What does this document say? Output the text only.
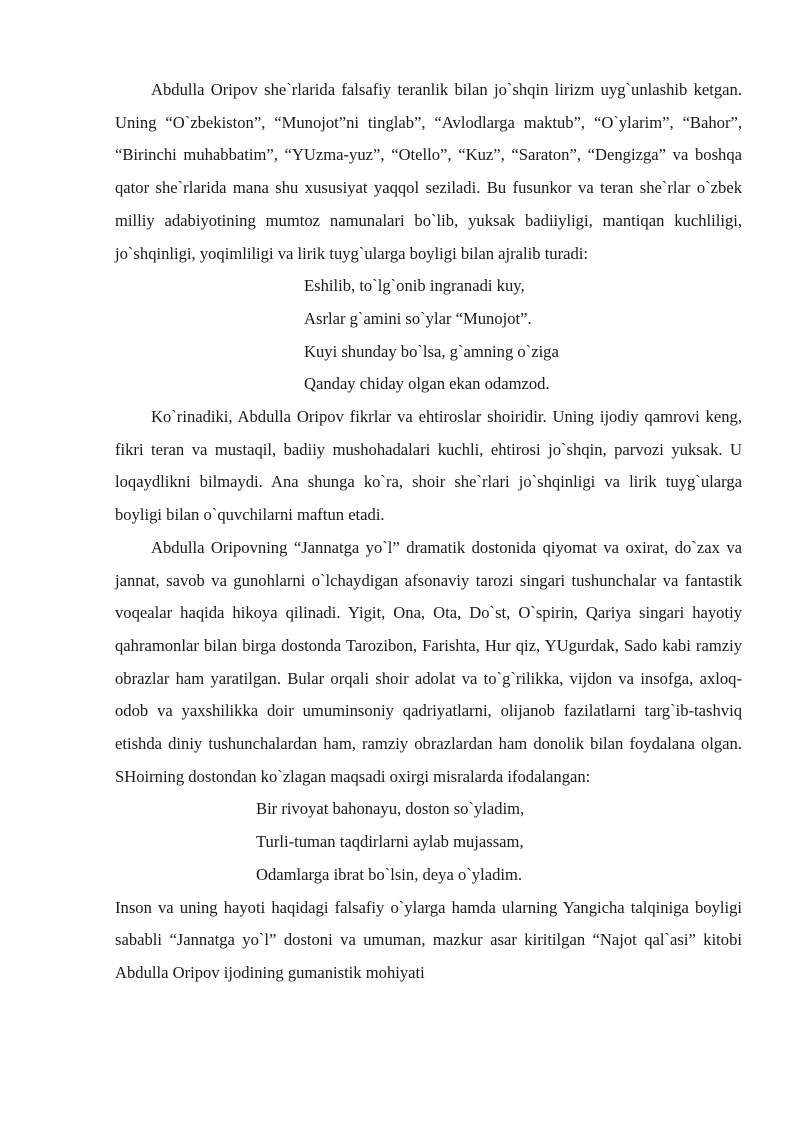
Abdulla Oripov she`rlarida falsafiy teranlik bilan jo`shqin lirizm uyg`unlashib ketgan. Uning “O`zbekiston”, “Munojot”ni tinglab”, “Avlodlarga maktub”, “O`ylarim”, “Bahor”, “Birinchi muhabbatim”, “YUzma-yuz”, “Otello”, “Kuz”, “Saraton”, “Dengizga” va boshqa qator she`rlarida mana shu xususiyat yaqqol seziladi. Bu fusunkor va teran she`rlar o`zbek milliy adabiyotining mumtoz namunalari bo`lib, yuksak badiiyligi, mantiqan kuchliligi, jo`shqinligi, yoqimliligi va lirik tuyg`ularga boyligi bilan ajralib turadi:

Eshilib, to`lg`onib ingranadi kuy,
Asrlar g`amini so`ylar “Munojot”.
Kuyi shunday bo`lsa, g`amning o`ziga
Qanday chiday olgan ekan odamzod.

Ko`rinadiki, Abdulla Oripov fikrlar va ehtiroslar shoiridir. Uning ijodiy qamrovi keng, fikri teran va mustaqil, badiiy mushohadalari kuchli, ehtirosi jo`shqin, parvozi yuksak. U loqaydlikni bilmaydi. Ana shunga ko`ra, shoir she`rlari jo`shqinligi va lirik tuyg`ularga boyligi bilan o`quvchilarni maftun etadi.

Abdulla Oripovning “Jannatga yo`l” dramatik dostonida qiyomat va oxirat, do`zax va jannat, savob va gunohlarni o`lchaydigan afsonaviy tarozi singari tushunchalar va fantastik voqealar haqida hikoya qilinadi. Yigit, Ona, Ota, Do`st, O`spirin, Qariya singari hayotiy qahramonlar bilan birga dostonda Tarozibon, Farishta, Hur qiz, YUgurdak, Sado kabi ramziy obrazlar ham yaratilgan. Bular orqali shoir adolat va to`g`rilikka, vijdon va insofga, axloq-odob va yaxshilikka doir umuminsoniy qadriyatlarni, olijanob fazilatlarni targ`ib-tashviq etishda diniy tushunchalardan ham, ramziy obrazlardan ham donolik bilan foydalana olgan. SHoirning dostondan ko`zlagan maqsadi oxirgi misralarda ifodalangan:

Bir rivoyat bahonayu, doston so`yladim,
Turli-tuman taqdirlarni aylab mujassam,
Odamlarga ibrat bo`lsin, deya o`yladim.

Inson va uning hayoti haqidagi falsafiy o`ylarga hamda ularning Yangicha talqiniga boyligi sababli “Jannatga yo`l” dostoni va umuman, mazkur asar kiritilgan “Najot qal`asi” kitobi Abdulla Oripov ijodining gumanistik mohiyati
